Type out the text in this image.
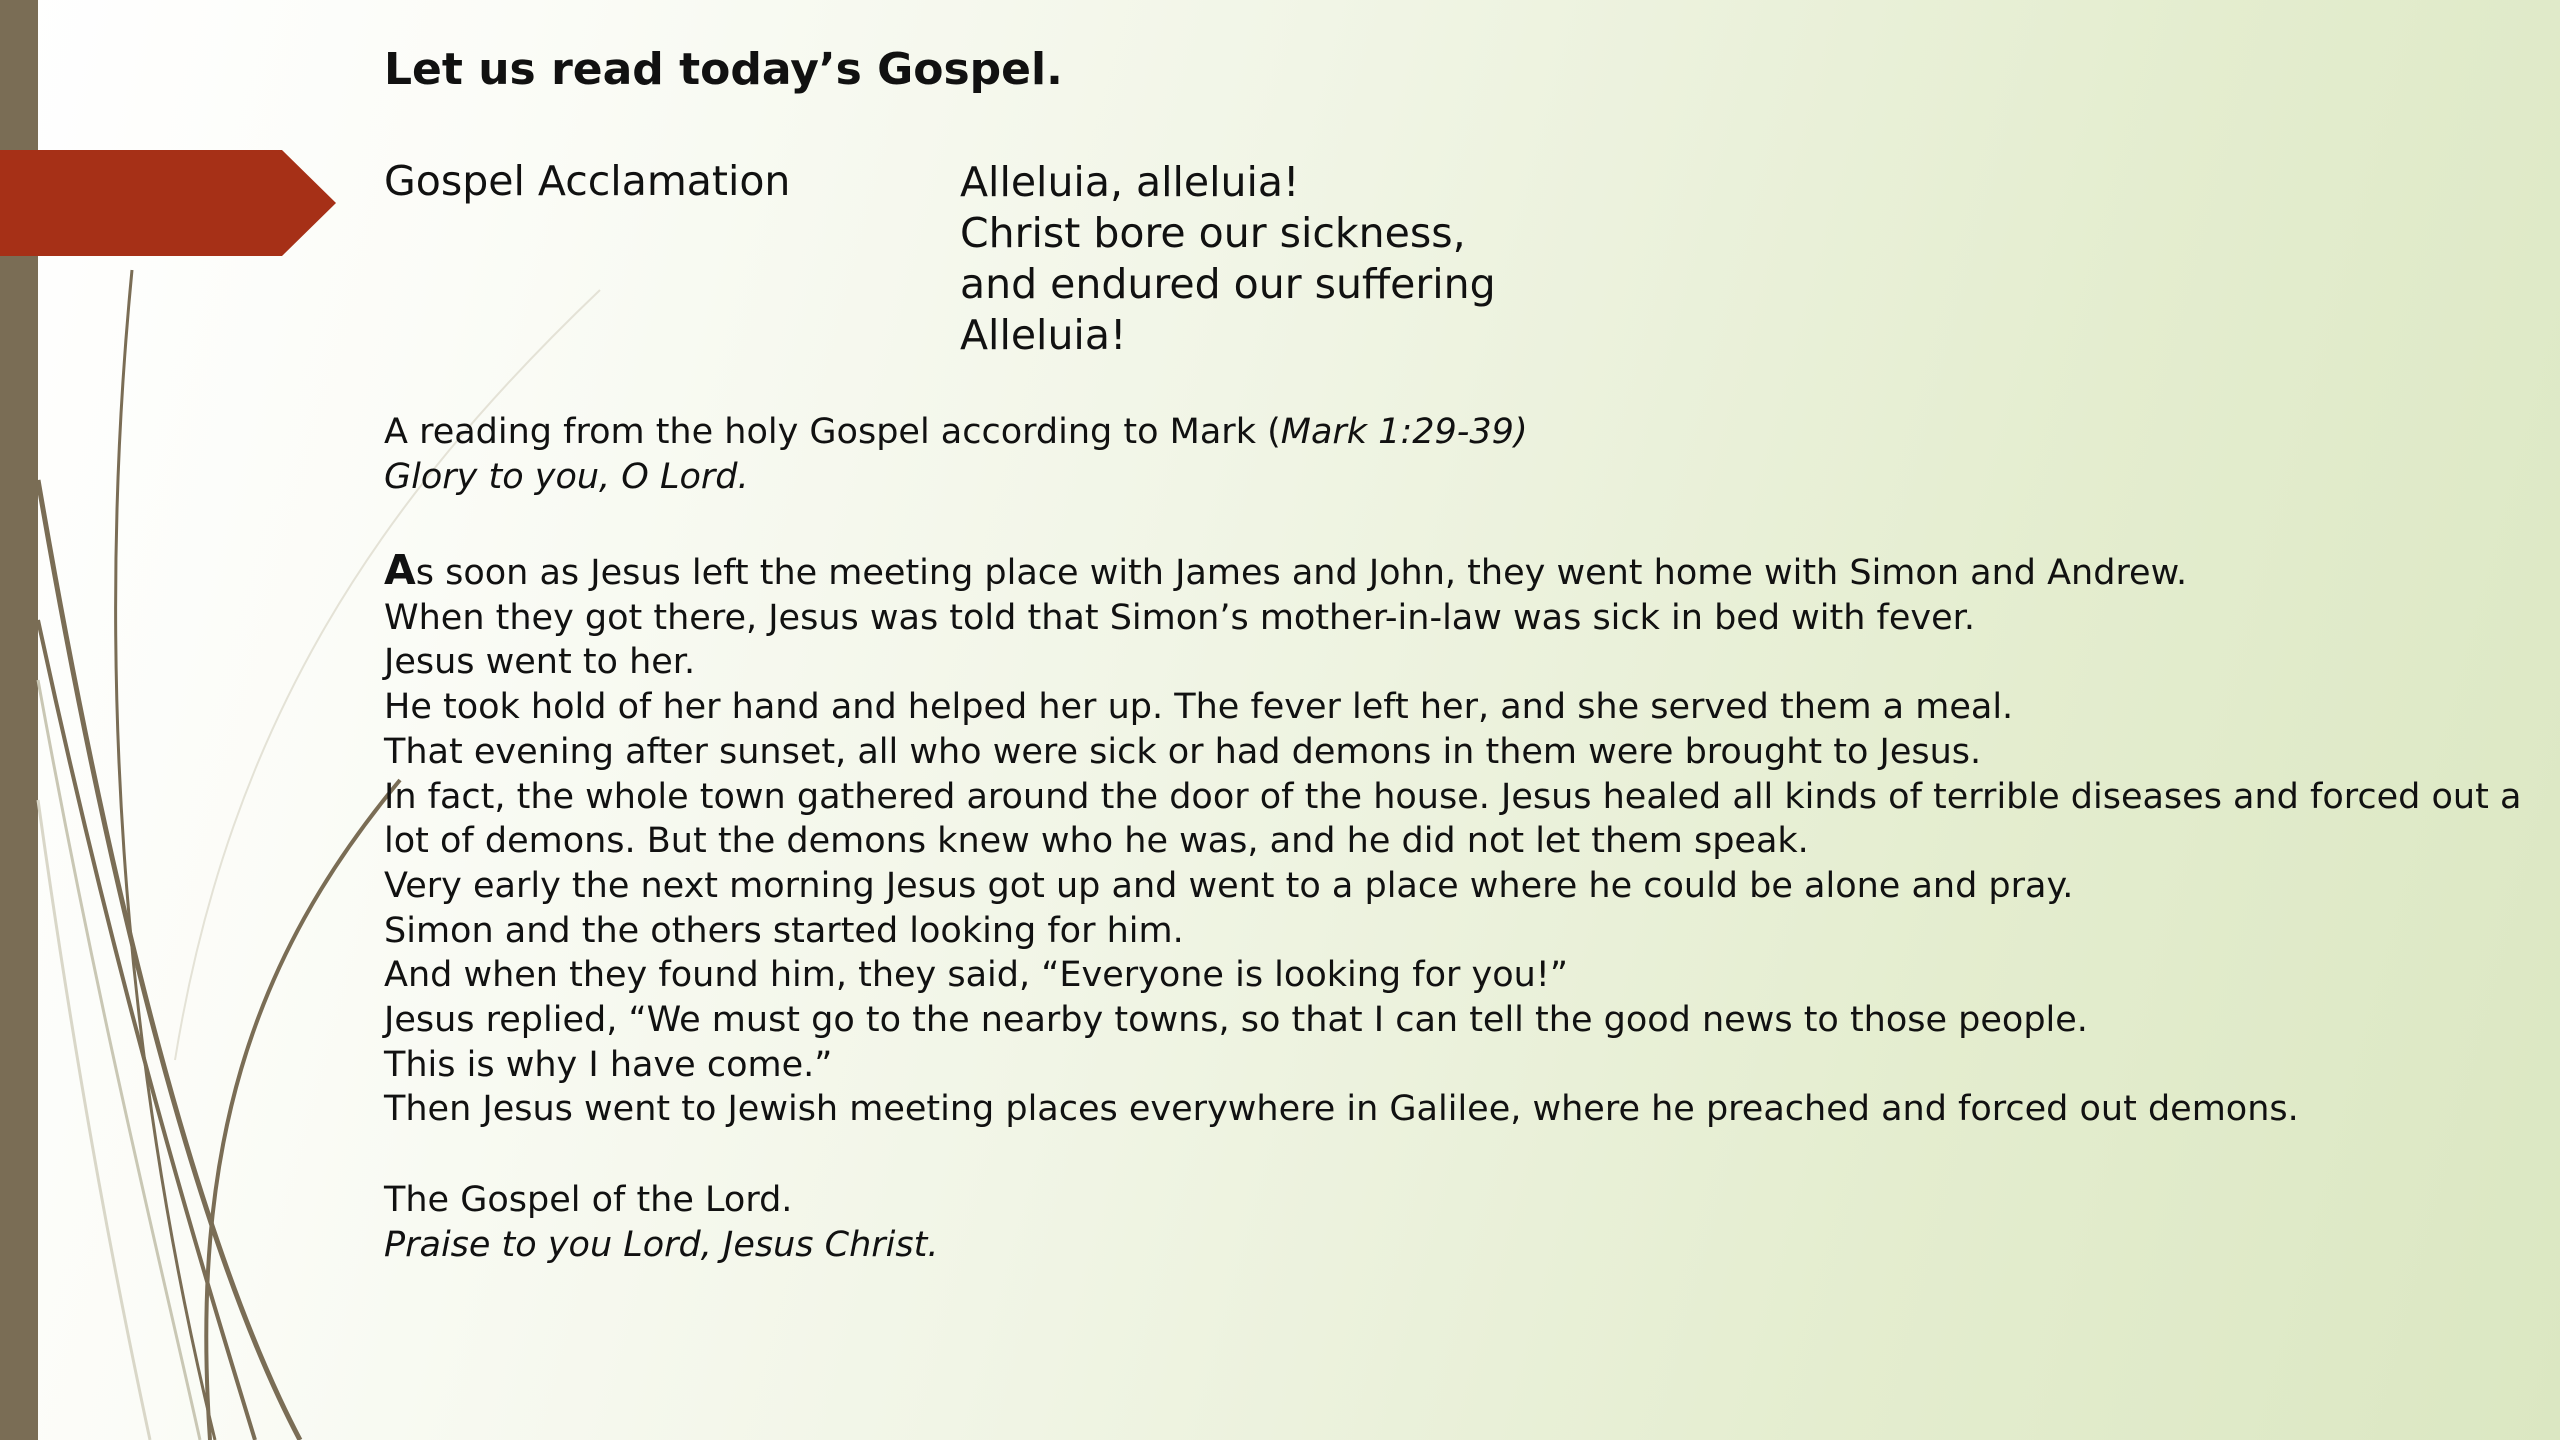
Let us read today’s Gospel.
Gospel Acclamation	Alleluia, alleluia!
Christ bore our sickness,
and endured our suffering
Alleluia!
A reading from the holy Gospel according to Mark (Mark 1:29-39)
Glory to you, O Lord.
As soon as Jesus left the meeting place with James and John, they went home with Simon and Andrew.
When they got there, Jesus was told that Simon’s mother-in-law was sick in bed with fever.
Jesus went to her.
He took hold of her hand and helped her up. The fever left her, and she served them a meal.
That evening after sunset, all who were sick or had demons in them were brought to Jesus.
In fact, the whole town gathered around the door of the house. Jesus healed all kinds of terrible diseases and forced out a
lot of demons. But the demons knew who he was, and he did not let them speak.
Very early the next morning Jesus got up and went to a place where he could be alone and pray.
Simon and the others started looking for him.
And when they found him, they said, “Everyone is looking for you!”
Jesus replied, “We must go to the nearby towns, so that I can tell the good news to those people.
This is why I have come.”
Then Jesus went to Jewish meeting places everywhere in Galilee, where he preached and forced out demons.
The Gospel of the Lord.
Praise to you Lord, Jesus Christ.
